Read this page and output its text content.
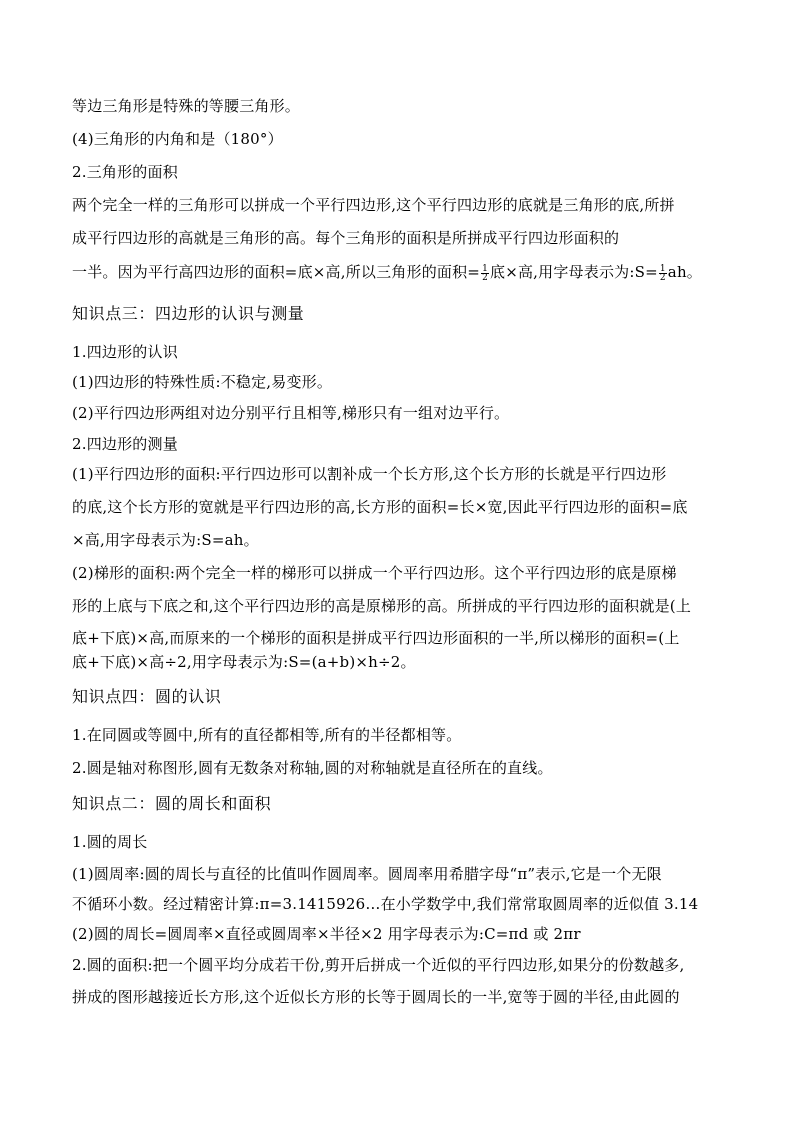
等边三角形是特殊的等腰三角形。
(4)三角形的内角和是（180°）
2.三角形的面积
两个完全一样的三角形可以拼成一个平行四边形,这个平行四边形的底就是三角形的底,所拼
成平行四边形的高就是三角形的高。每个三角形的面积是所拼成平行四边形面积的
一半。因为平行高四边形的面积=底×高,所以三角形的面积= $\frac{1}{2}$ 底×高,用字母表示为:S= $\frac{1}{2}$ ah。
知识点三：四边形的认识与测量
1.四边形的认识
(1)四边形的特殊性质:不稳定,易变形。
(2)平行四边形两组对边分别平行且相等,梯形只有一组对边平行。
2.四边形的测量
(1)平行四边形的面积:平行四边形可以割补成一个长方形,这个长方形的长就是平行四边形
的底,这个长方形的宽就是平行四边形的高,长方形的面积=长×宽,因此平行四边形的面积=底
×高,用字母表示为:S=ah。
(2)梯形的面积:两个完全一样的梯形可以拼成一个平行四边形。这个平行四边形的底是原梯
形的上底与下底之和,这个平行四边形的高是原梯形的高。所拼成的平行四边形的面积就是(上
底+下底)×高,而原来的一个梯形的面积是拼成平行四边形面积的一半,所以梯形的面积=(上
底+下底)×高÷2,用字母表示为:S=(a+b)×h÷2。
知识点四：圆的认识
1.在同圆或等圆中,所有的直径都相等,所有的半径都相等。
2.圆是轴对称图形,圆有无数条对称轴,圆的对称轴就是直径所在的直线。
知识点二：圆的周长和面积
1.圆的周长
(1)圆周率:圆的周长与直径的比值叫作圆周率。圆周率用希腊字母“π”表示,它是一个无限
不循环小数。经过精密计算:π=3.1415926…在小学数学中,我们常常取圆周率的近似值 3.14
(2)圆的周长=圆周率×直径或圆周率×半径×2 用字母表示为:C=πd 或 2πr
2.圆的面积:把一个圆平均分成若干份,剪开后拼成一个近似的平行四边形,如果分的份数越多,
拼成的图形越接近长方形,这个近似长方形的长等于圆周长的一半,宽等于圆的半径,由此圆的
